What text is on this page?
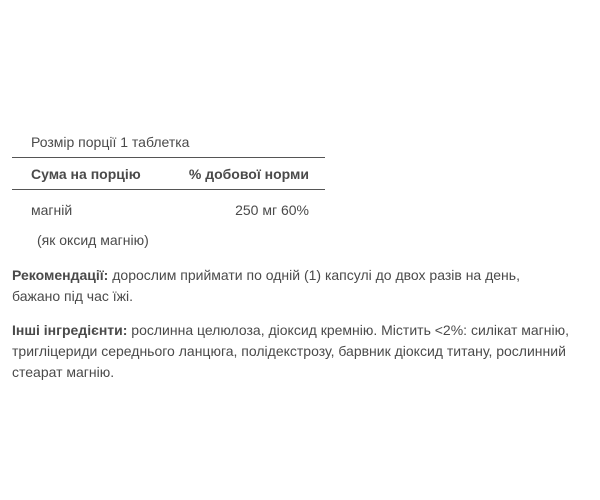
Розмір порції 1 таблетка
Сума на порцію	% добової норми
магній	250 мг 60%
(як оксид магнію)

Рекомендації: дорослим приймати по одній (1) капсулі до двох разів на день, бажано під час їжі.

Інші інгредієнти: рослинна целюлоза, діоксид кремнію. Містить <2%: силікат магнію, тригліцериди середнього ланцюга, полідекстрозу, барвник діоксид титану, рослинний стеарат магнію.
